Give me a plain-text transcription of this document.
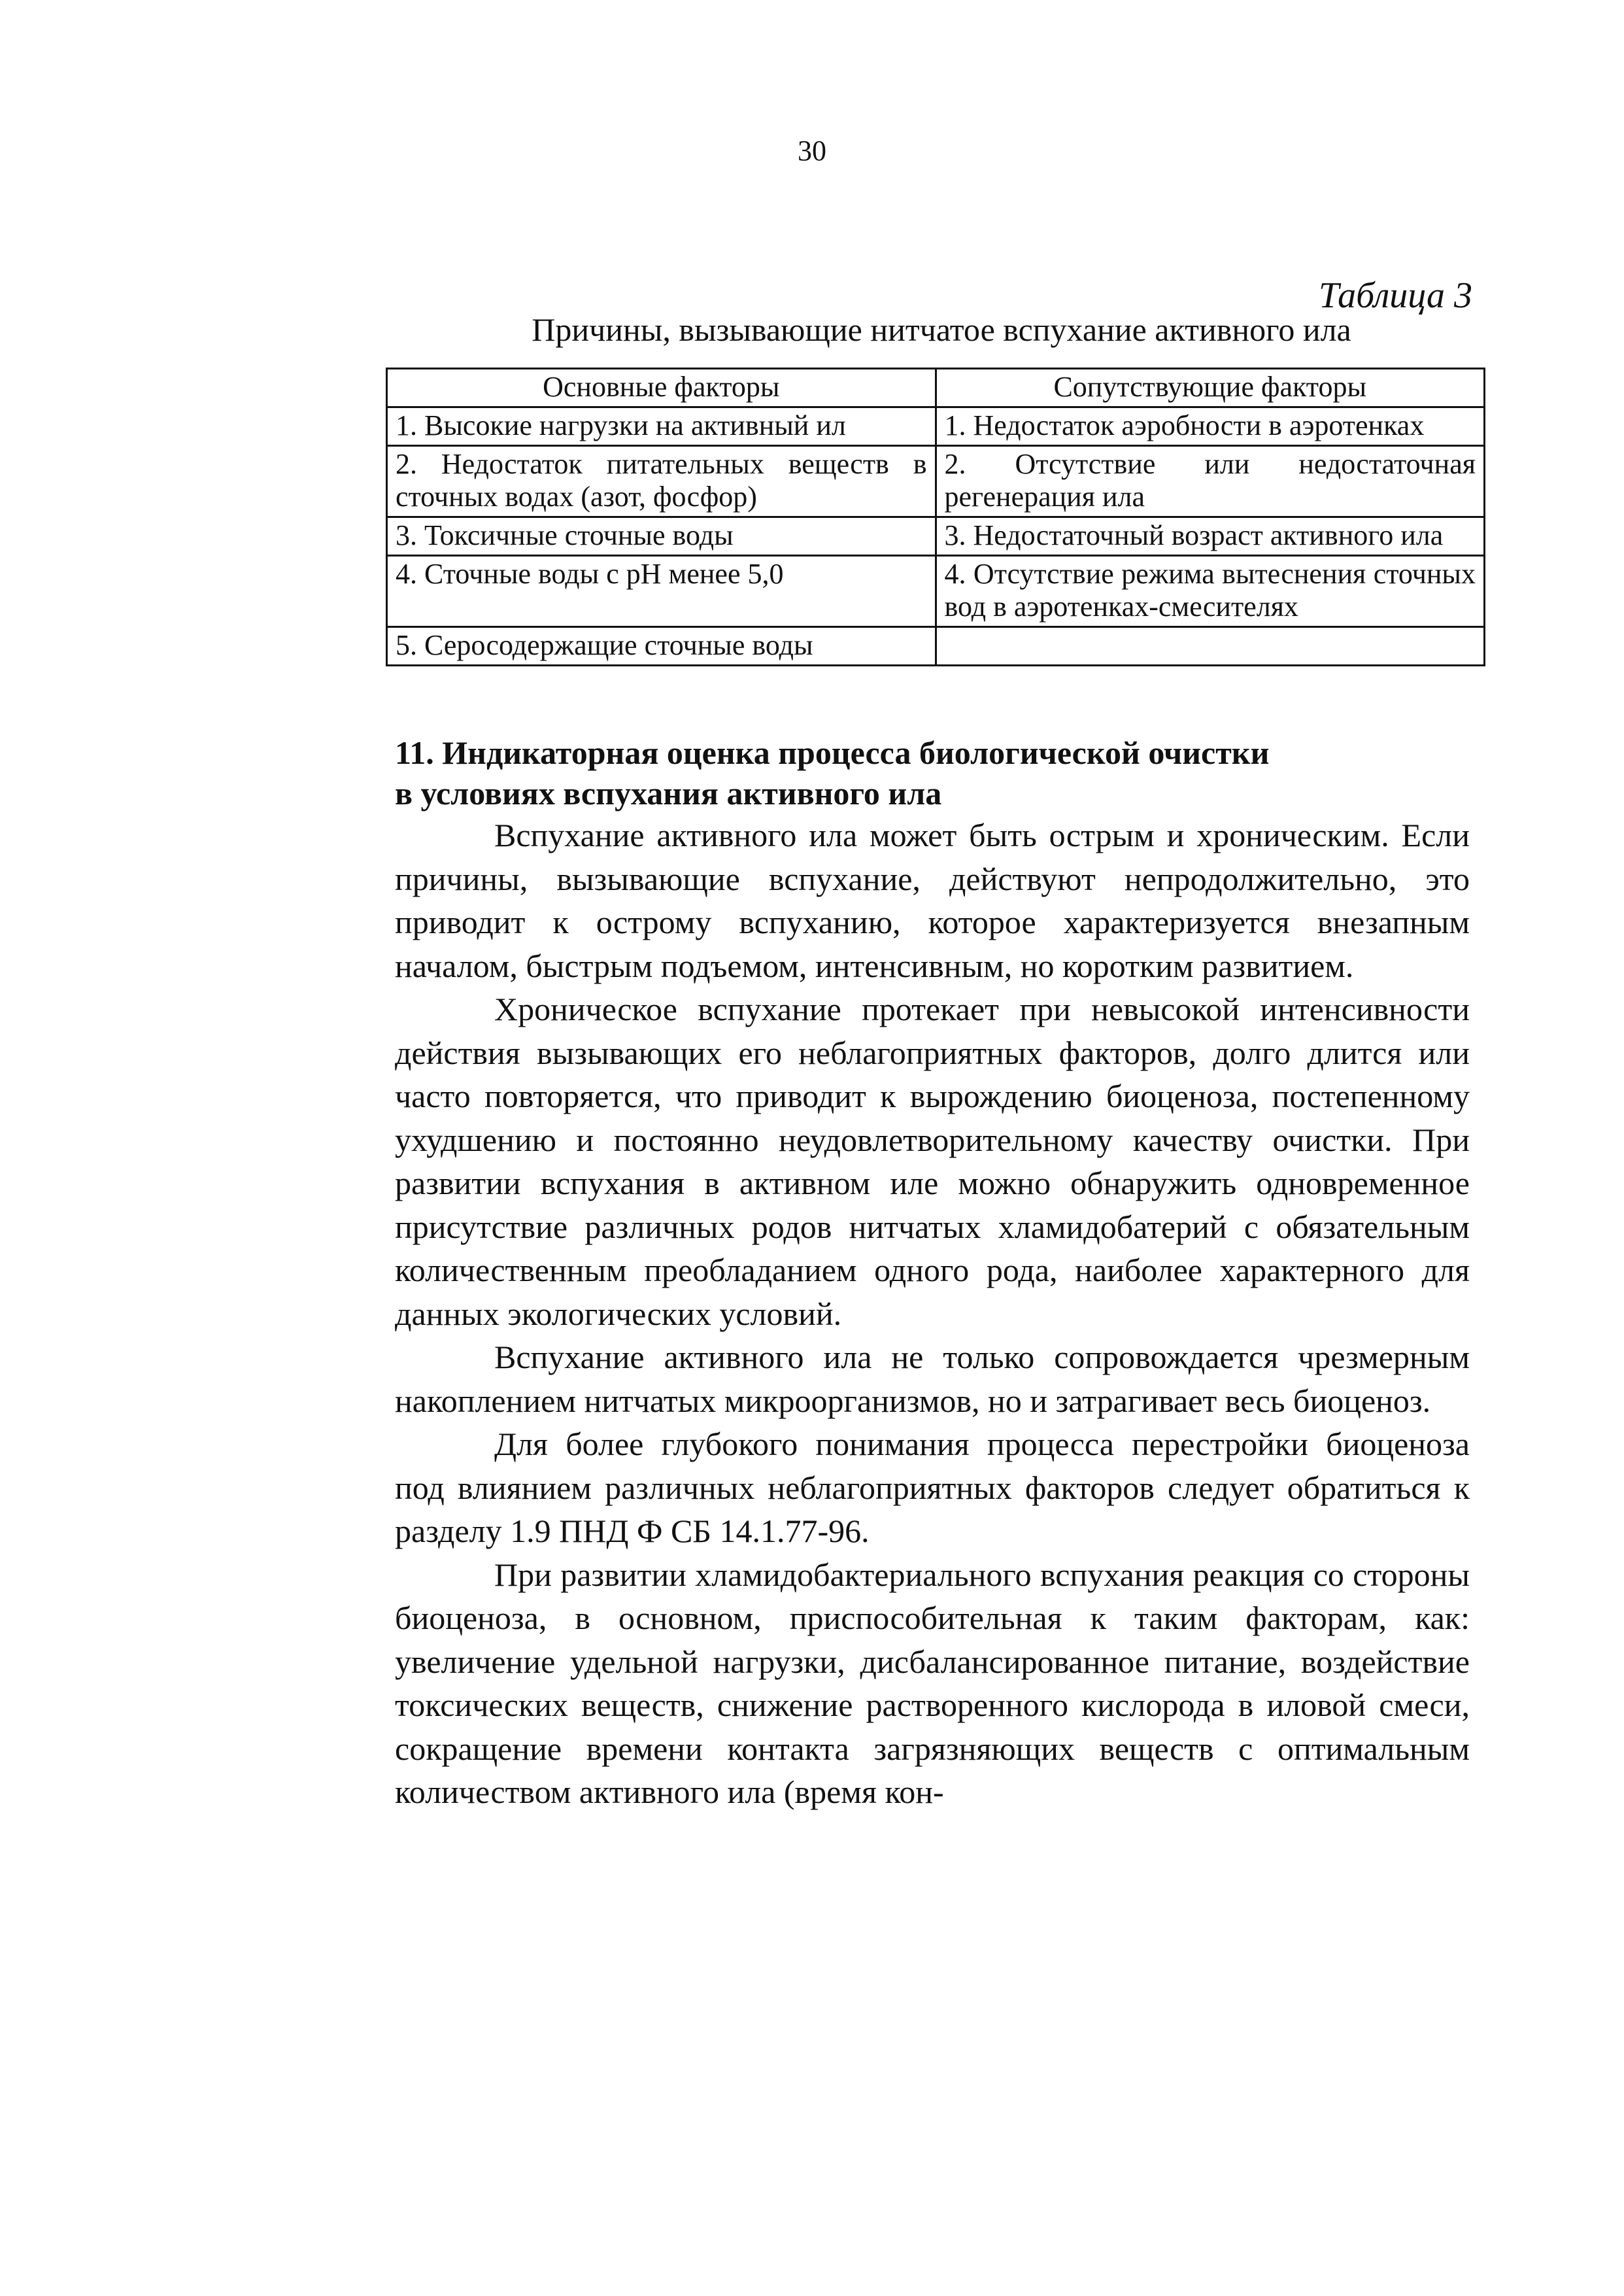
30
Таблица 3
Причины, вызывающие нитчатое вспухание активного ила
Основные факторы	Сопутствующие факторы
1. Высокие нагрузки на активный ил	1. Недостаток аэробности в аэротенках
2. Недостаток питательных веществ в сточных водах (азот, фосфор)	2. Отсутствие или недостаточная регенерация ила
3. Токсичные сточные воды	3. Недостаточный возраст активного ила
4. Сточные воды с pH менее 5,0	4. Отсутствие режима вытеснения сточных вод в аэротенках-смесителях
5. Серосодержащие сточные воды	
11. Индикаторная оценка процесса биологической очистки
в условиях вспухания активного ила

Вспухание активного ила может быть острым и хроническим. Если причины, вызывающие вспухание, действуют непродолжительно, это приводит к острому вспуханию, которое характеризуется внезапным началом, быстрым подъемом, интенсивным, но коротким развитием.

Хроническое вспухание протекает при невысокой интенсивности действия вызывающих его неблагоприятных факторов, долго длится или часто повторяется, что приводит к вырождению биоценоза, постепенному ухудшению и постоянно неудовлетворительному качеству очистки. При развитии вспухания в активном иле можно обнаружить одновременное присутствие различных родов нитчатых хламидобатерий с обязательным количественным преобладанием одного рода, наиболее характерного для данных экологических условий.

Вспухание активного ила не только сопровождается чрезмерным накоплением нитчатых микроорганизмов, но и затрагивает весь биоценоз.

Для более глубокого понимания процесса перестройки биоценоза под влиянием различных неблагоприятных факторов следует обратиться к разделу 1.9 ПНД Ф СБ 14.1.77-96.

При развитии хламидобактериального вспухания реакция со стороны биоценоза, в основном, приспособительная к таким факторам, как: увеличение удельной нагрузки, дисбалансированное питание, воздействие токсических веществ, снижение растворенного кислорода в иловой смеси, сокращение времени контакта загрязняющих веществ с оптимальным количеством активного ила (время кон-
